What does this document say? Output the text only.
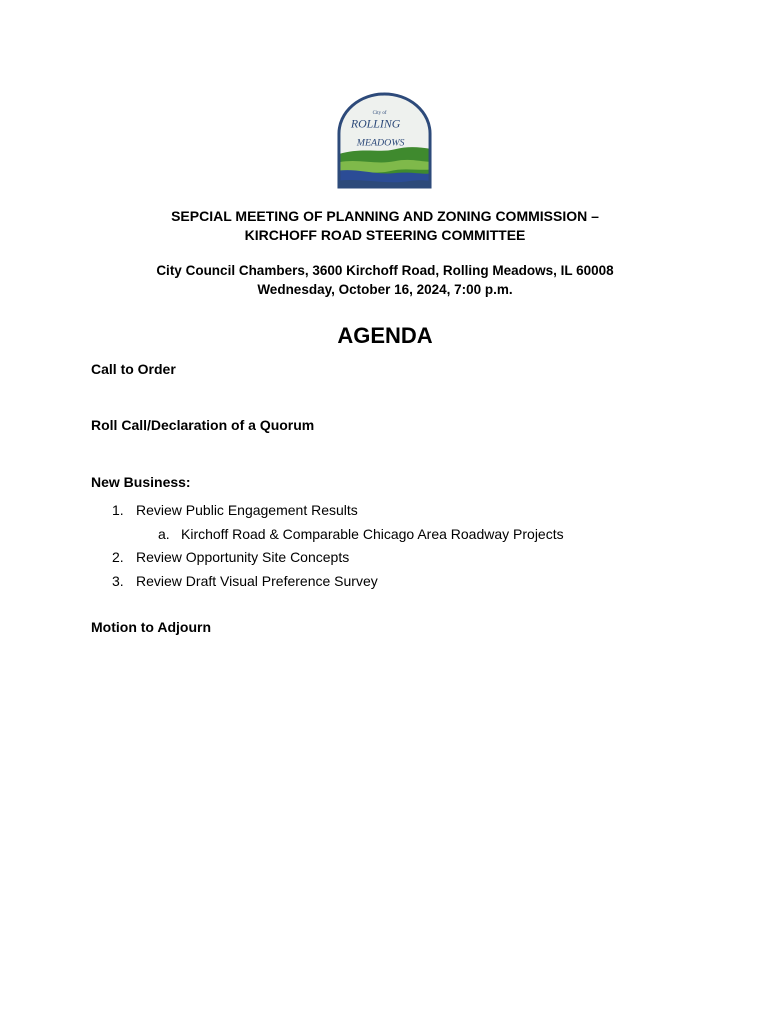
City of
ROLLING
MEADOWS
SEPCIAL MEETING OF PLANNING AND ZONING COMMISSION –
KIRCHOFF ROAD STEERING COMMITTEE
City Council Chambers, 3600 Kirchoff Road, Rolling Meadows, IL 60008
Wednesday, October 16, 2024, 7:00 p.m.
AGENDA
Call to Order
Roll Call/Declaration of a Quorum
New Business:
1. Review Public Engagement Results
a. Kirchoff Road & Comparable Chicago Area Roadway Projects
2. Review Opportunity Site Concepts
3. Review Draft Visual Preference Survey
Motion to Adjourn
